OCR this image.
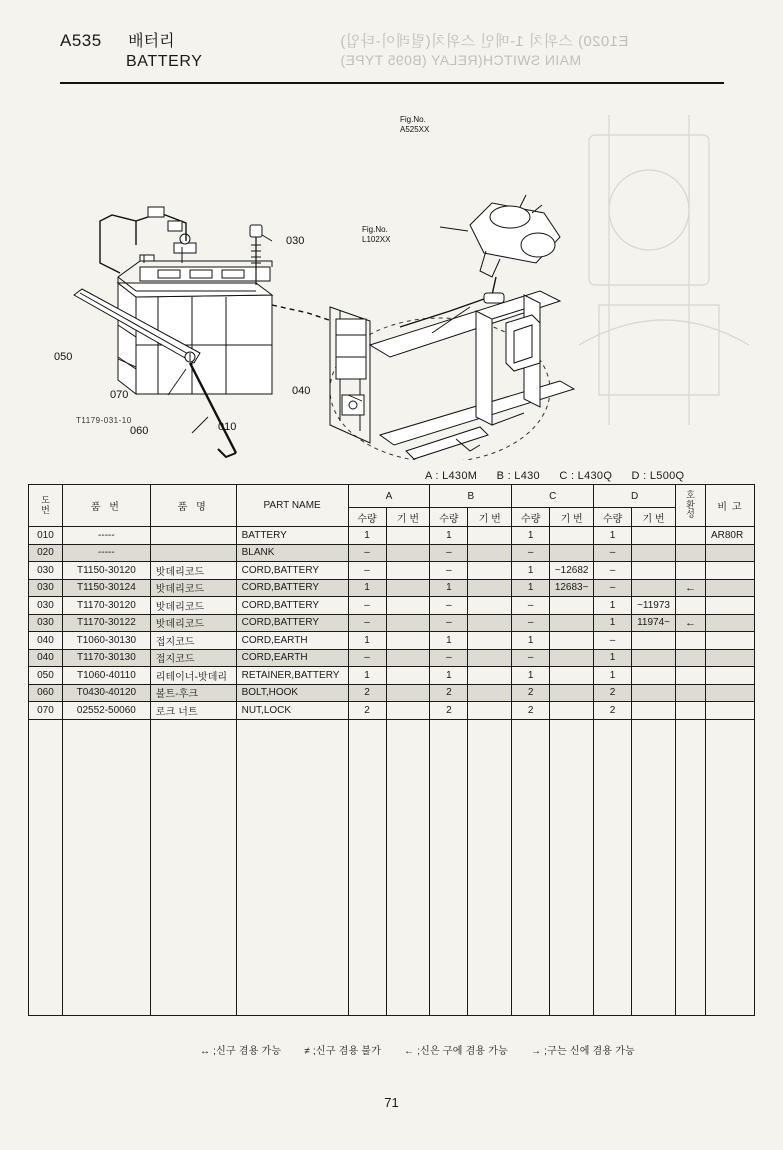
E1020) 스위치 1-메인 스위치(릴레이-타입)
MAIN SWITCH(RELAY (B095 TYPE)
A535 배터리
BATTERY
030
050
070
060	010
040
Fig.No.
A525XX
Fig.No.
L102XX
T1179-031-10
A : L430M B : L430 C : L430Q D : L500Q
도
번	품 번	품 명	PART NAME	A		B		C		D		호
환
성	비 고
				수량	기 번	수량	기 번	수량	기 번	수량	기 번		
010	-----		BATTERY	1		1		1		1			AR80R
020	-----		BLANK	–		–		–		–			
030	T1150-30120	밧데리코드	CORD,BATTERY	–		–		1	~12682	–			
030	T1150-30124	밧데리코드	CORD,BATTERY	1		1		1	12683~	–		←	
030	T1170-30120	밧데리코드	CORD,BATTERY	–		–		–		1	~11973		
030	T1170-30122	밧데리코드	CORD,BATTERY	–		–		–		1	11974~	←	
040	T1060-30130	접지코드	CORD,EARTH	1		1		1		–			
040	T1170-30130	접지코드	CORD,EARTH	–		–		–		1			
050	T1060-40110	리테이너-밧데리	RETAINER,BATTERY	1		1		1		1			
060	T0430-40120	볼트-후크	BOLT,HOOK	2		2		2		2			
070	02552-50060	로크 너트	NUT,LOCK	2		2		2		2			

↔ ;신구 겸용 가능 ≠ ;신구 겸용 불가 ← ;신은 구에 겸용 가능 → ;구는 신에 겸용 가능
71
